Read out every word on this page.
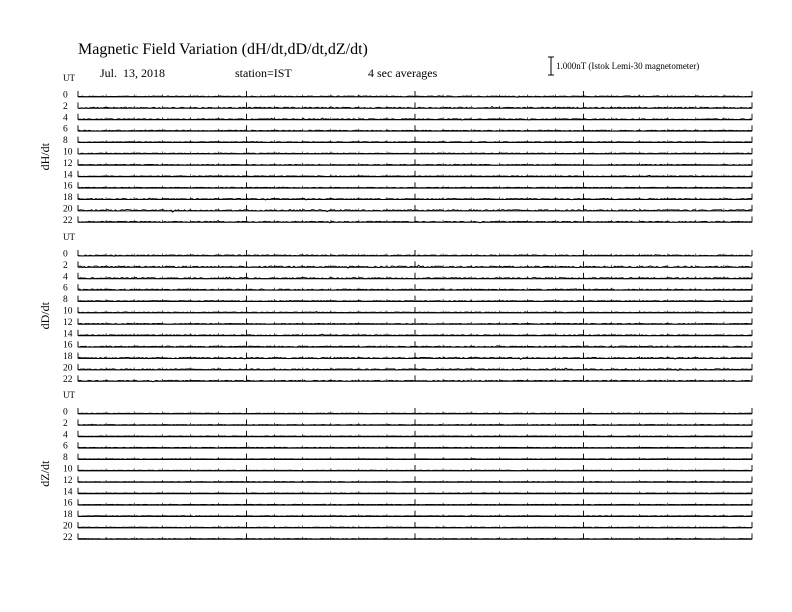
Magnetic Field Variation (dH/dt,dD/dt,dZ/dt)
Jul.  13, 2018	station=IST	4 sec averages	1.000nT (Istok Lemi-30 magnetometer)
UT
dH/dt
0
2
4
6
8
10
12
14
16
18
20
22
UT
dD/dt
0
2
4
6
8
10
12
14
16
18
20
22
UT
dZ/dt
0
2
4
6
8
10
12
14
16
18
20
22
